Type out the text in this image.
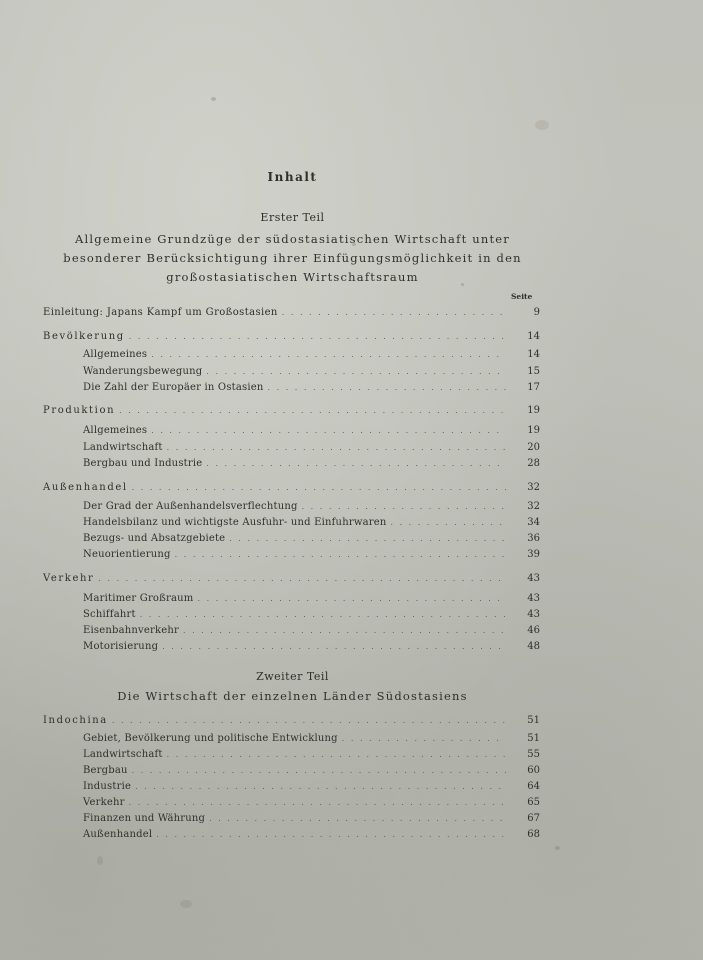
Inhalt
Erster Teil
Allgemeine Grundzüge der südostasiatischen Wirtschaft unter
besonderer Berücksichtigung ihrer Einfügungsmöglichkeit in den
großostasiatischen Wirtschaftsraum
Seite
Einleitung: Japans Kampf um Großostasien . . .	9
Bevölkerung . . .	14
Allgemeines . . .	14
Wanderungsbewegung . . .	15
Die Zahl der Europäer in Ostasien . . .	17
Produktion . . .	19
Allgemeines . . .	19
Landwirtschaft . . .	20
Bergbau und Industrie . . .	28
Außenhandel . . .	32
Der Grad der Außenhandelsverflechtung . . .	32
Handelsbilanz und wichtigste Ausfuhr- und Einfuhrwaren . . .	34
Bezugs- und Absatzgebiete . . .	36
Neuorientierung . . .	39
Verkehr . . .	43
Maritimer Großraum . . .	43
Schiffahrt . . .	43
Eisenbahnverkehr . . .	46
Motorisierung . . .	48
Zweiter Teil
Die Wirtschaft der einzelnen Länder Südostasiens
Indochina . . .	51
Gebiet, Bevölkerung und politische Entwicklung . . .	51
Landwirtschaft . . .	55
Bergbau . . .	60
Industrie . . .	64
Verkehr . . .	65
Finanzen und Währung . . .	67
Außenhandel . . .	68
